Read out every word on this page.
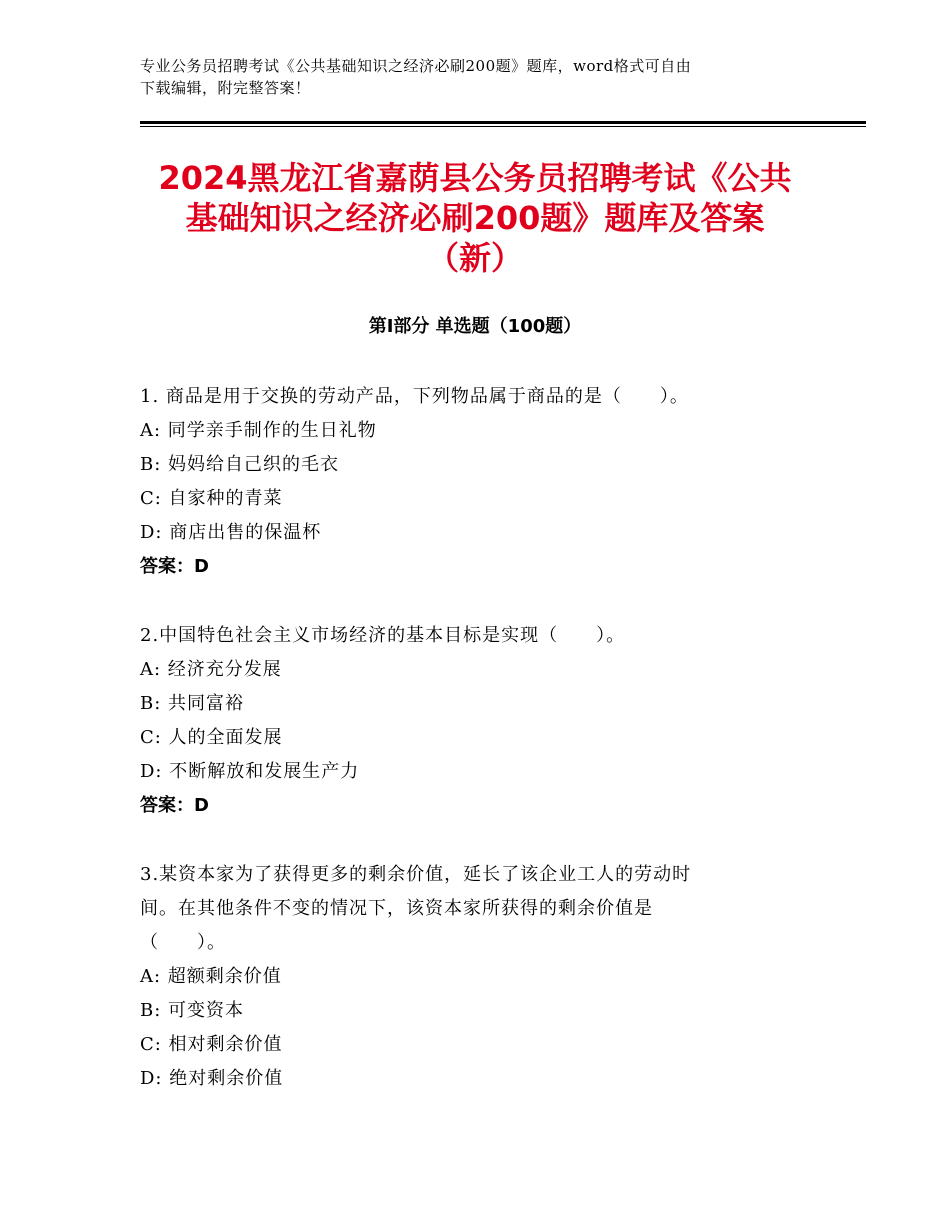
专业公务员招聘考试《公共基础知识之经济必刷200题》题库，word格式可自由
下载编辑，附完整答案！
2024黑龙江省嘉荫县公务员招聘考试《公共
基础知识之经济必刷200题》题库及答案
（新）
第Ⅰ部分 单选题（100题）
1. 商品是用于交换的劳动产品，下列物品属于商品的是（　　）。
A: 同学亲手制作的生日礼物
B: 妈妈给自己织的毛衣
C: 自家种的青菜
D: 商店出售的保温杯
答案：D
2.中国特色社会主义市场经济的基本目标是实现（　　）。
A: 经济充分发展
B: 共同富裕
C: 人的全面发展
D: 不断解放和发展生产力
答案：D
3.某资本家为了获得更多的剩余价值，延长了该企业工人的劳动时
间。在其他条件不变的情况下，该资本家所获得的剩余价值是
（　　）。
A: 超额剩余价值
B: 可变资本
C: 相对剩余价值
D: 绝对剩余价值
